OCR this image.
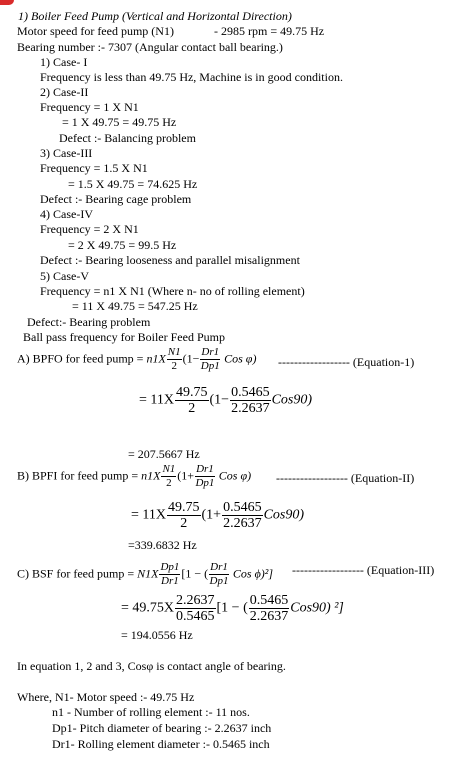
1) Boiler Feed Pump (Vertical and Horizontal Direction)
Motor speed for feed pump (N1)	- 2985 rpm = 49.75 Hz
Bearing number :- 7307 (Angular contact ball bearing.)
1) Case- I
Frequency is less than 49.75 Hz, Machine is in good condition.
2) Case-II
Frequency = 1 X N1
= 1 X 49.75 = 49.75 Hz
Defect :- Balancing problem
3) Case-III
Frequency = 1.5 X N1
= 1.5 X 49.75 = 74.625 Hz
Defect :- Bearing cage problem
4) Case-IV
Frequency = 2 X N1
= 2 X 49.75 = 99.5 Hz
Defect :- Bearing looseness and parallel misalignment
5) Case-V
Frequency = n1 X N1 (Where n- no of rolling element)
= 11 X 49.75 = 547.25 Hz
Defect:- Bearing problem
Ball pass frequency for Boiler Feed Pump
A) BPFO for feed pump = $n1X \frac{N1}{2} (1- \frac{Dr1}{Dp1}$ Cos φ) ------------------ (Equation-1)
= $11X \frac{49.75}{2} (1- \frac{0.5465}{2.2637} Cos90)$
= 207.5667 Hz
B) BPFI for feed pump = $n1X \frac{N1}{2} (1+ \frac{Dr1}{Dp1}$ Cos φ) ------------------ (Equation-II)
= $11X \frac{49.75}{2} (1+ \frac{0.5465}{2.2637} Cos90)$
=339.6832 Hz
C) BSF for feed pump = $N1X \frac{Dp1}{Dr1} [1$ − ( $\frac{Dr1}{Dp1}$ Cos ϕ)²] ------------------ (Equation-III)
= $49.75X \frac{2.2637}{0.5465} [1$ − ( $\frac{0.5465}{2.2637} Cos90$) ²]
= 194.0556 Hz
In equation 1, 2 and 3, Cosφ is contact angle of bearing.
Where, N1- Motor speed :- 49.75 Hz
n1 - Number of rolling element :- 11 nos.
Dp1- Pitch diameter of bearing :- 2.2637 inch
Dr1- Rolling element diameter :- 0.5465 inch
